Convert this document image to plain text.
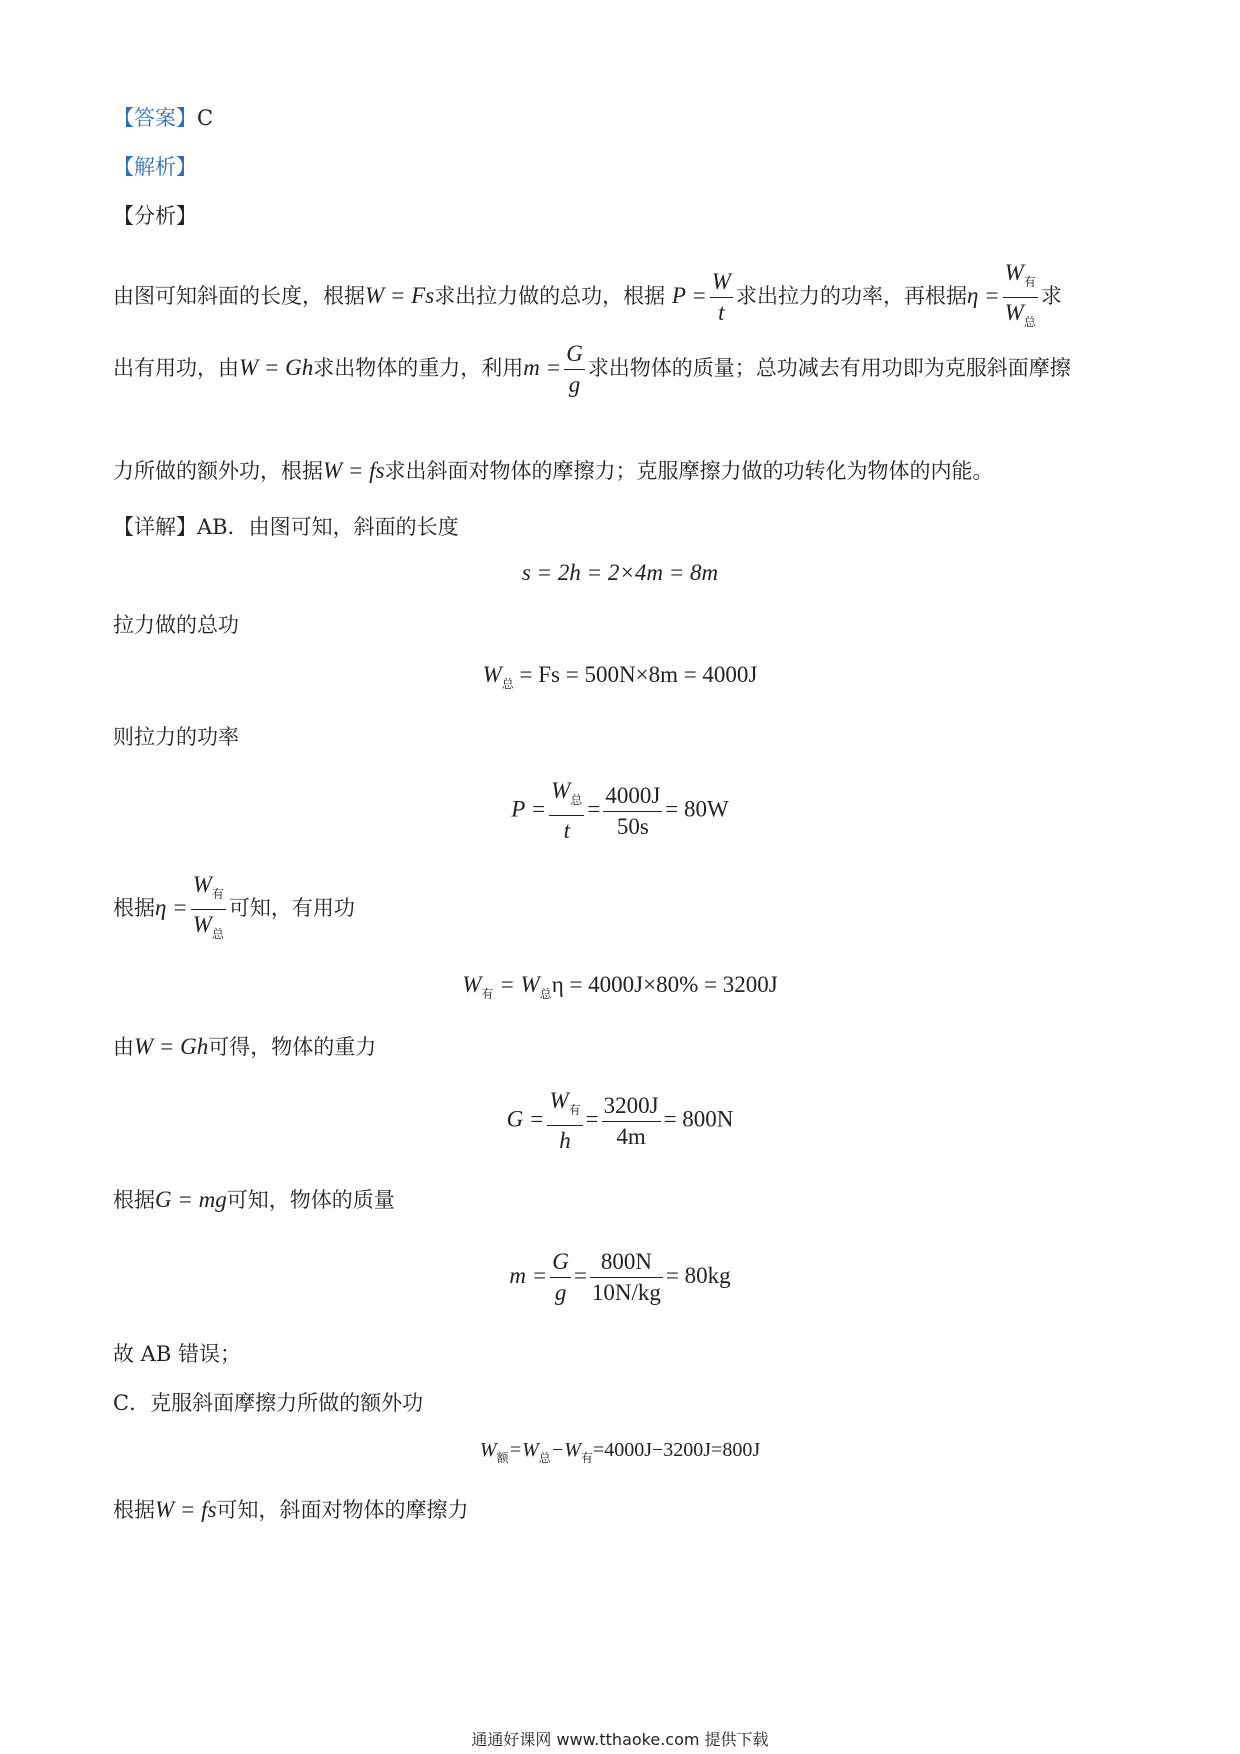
【答案】C
【解析】
【分析】
由图可知斜面的长度，根据W = Fs求出拉力做的总功，根据 $P = \frac{W}{t}$ 求出拉力的功率，再根据$\eta = \frac{W_有}{W_总}$ 求
出有用功，由W = Gh求出物体的重力，利用$m = \frac{G}{g}$ 求出物体的质量；总功减去有用功即为克服斜面摩擦
力所做的额外功，根据W = fs求出斜面对物体的摩擦力；克服摩擦力做的功转化为物体的内能。
【详解】AB．由图可知，斜面的长度
s = 2h = 2×4m = 8m
拉力做的总功
$W_总 = Fs = 500N\times 8m = 4000J$
则拉力的功率
$P = \frac{W_总}{t} = \frac{4000J}{50s} = 80W$
根据$\eta = \frac{W_有}{W_总}$ 可知，有用功
$W_有 = W_总\eta = 4000J\times 80\% = 3200J$
由W = Gh可得，物体的重力
$G = \frac{W_有}{h} = \frac{3200J}{4m} = 800N$
根据G = mg可知，物体的质量
$m = \frac{G}{g} = \frac{800N}{10N/kg} = 80kg$
故 AB 错误；
C．克服斜面摩擦力所做的额外功
$W_额=W_总-W_有=4000J-3200J=800J$
根据W = fs可知，斜面对物体的摩擦力
通通好课网 www.tthaoke.com 提供下载
